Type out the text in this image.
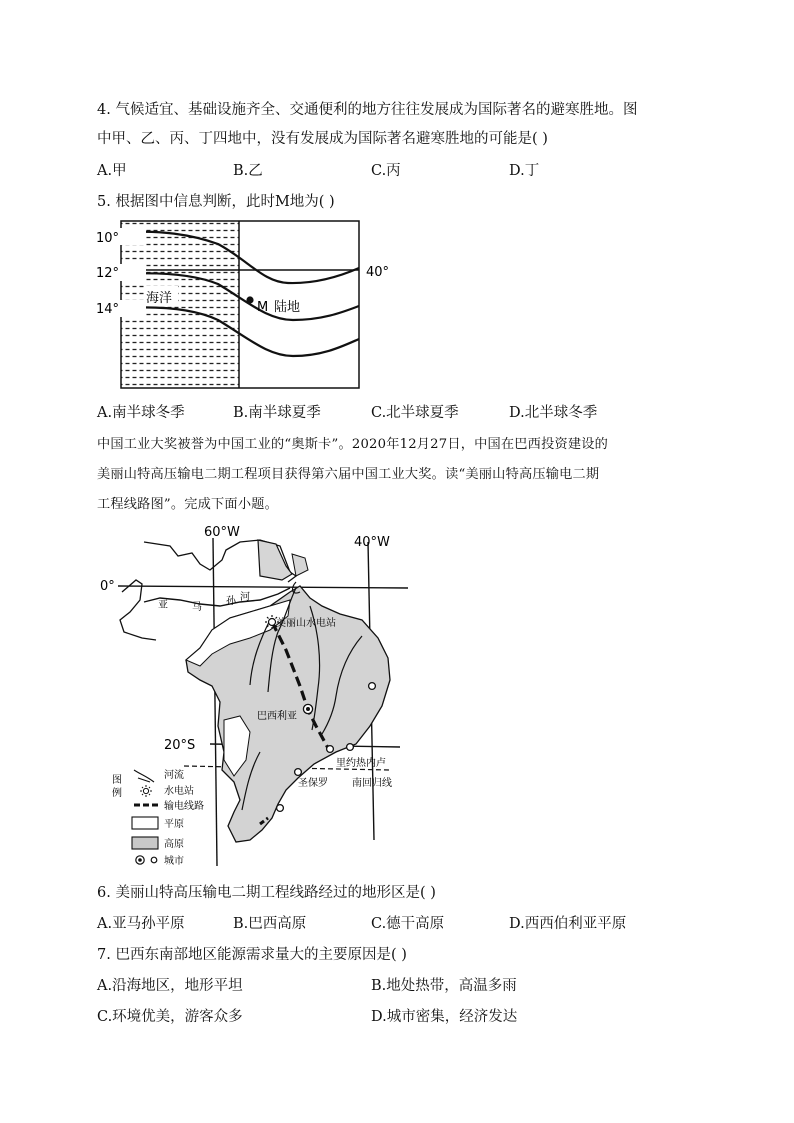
4. 气候适宜、基础设施齐全、交通便利的地方往往发展成为国际著名的避寒胜地。图
中甲、乙、丙、丁四地中，没有发展成为国际著名避寒胜地的可能是( )
A.甲	B.乙	C.丙	D.丁
5. 根据图中信息判断，此时M地为( )
海洋
M 陆地
10°
12°
14°
40°
A.南半球冬季	B.南半球夏季	C.北半球夏季	D.北半球冬季
中国工业大奖被誉为中国工业的“奥斯卡”。2020年12月27日，中国在巴西投资建设的
美丽山特高压输电二期工程项目获得第六届中国工业大奖。读“美丽山特高压输电二期
工程线路图”。完成下面小题。
美丽山水电站
巴西利亚
里约热内卢
圣保罗 南回归线
60°W
40°W
0°
20°S
亚 马
孙 河
图
例
河流
水电站
输电线路
平原
高原
城市
6. 美丽山特高压输电二期工程线路经过的地形区是( )
A.亚马孙平原	B.巴西高原	C.德干高原	D.西西伯利亚平原
7. 巴西东南部地区能源需求量大的主要原因是( )
A.沿海地区，地形平坦	B.地处热带，高温多雨
C.环境优美，游客众多	D.城市密集，经济发达
